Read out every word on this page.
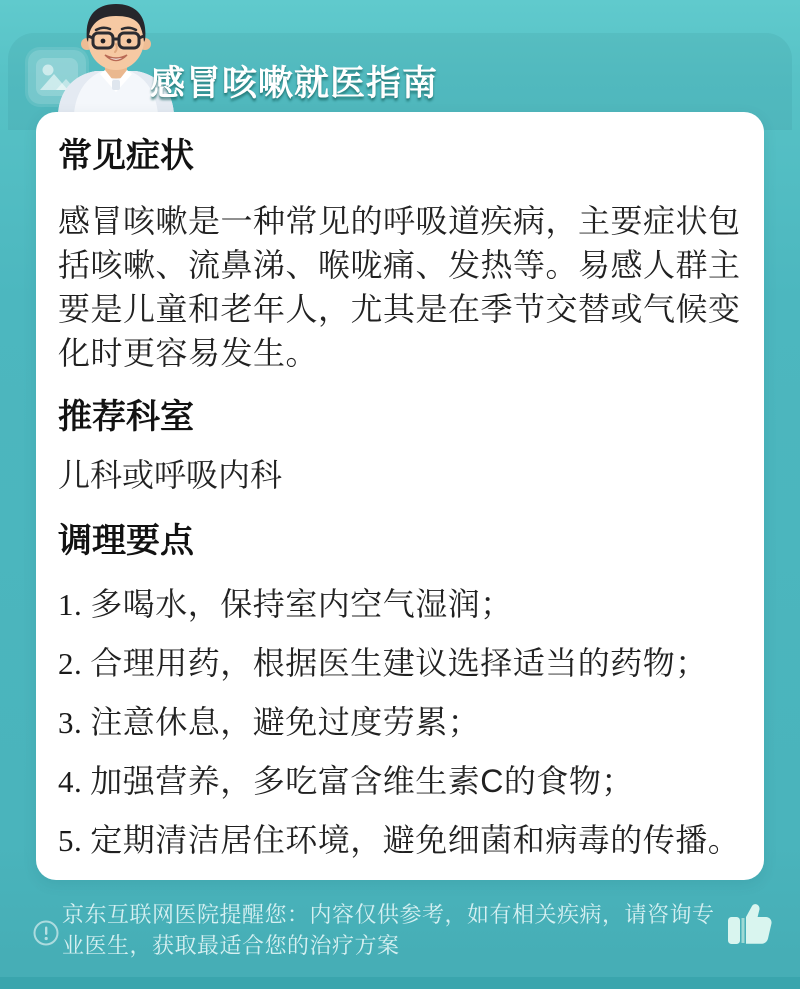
感冒咳嗽就医指南
常见症状
感冒咳嗽是一种常见的呼吸道疾病，主要症状包括咳嗽、流鼻涕、喉咙痛、发热等。易感人群主要是儿童和老年人，尤其是在季节交替或气候变化时更容易发生。
推荐科室
儿科或呼吸内科
调理要点
1. 多喝水，保持室内空气湿润；
2. 合理用药，根据医生建议选择适当的药物；
3. 注意休息，避免过度劳累；
4. 加强营养，多吃富含维生素C的食物；
5. 定期清洁居住环境，避免细菌和病毒的传播。
京东互联网医院提醒您：内容仅供参考，如有相关疾病，请咨询专业医生，获取最适合您的治疗方案
